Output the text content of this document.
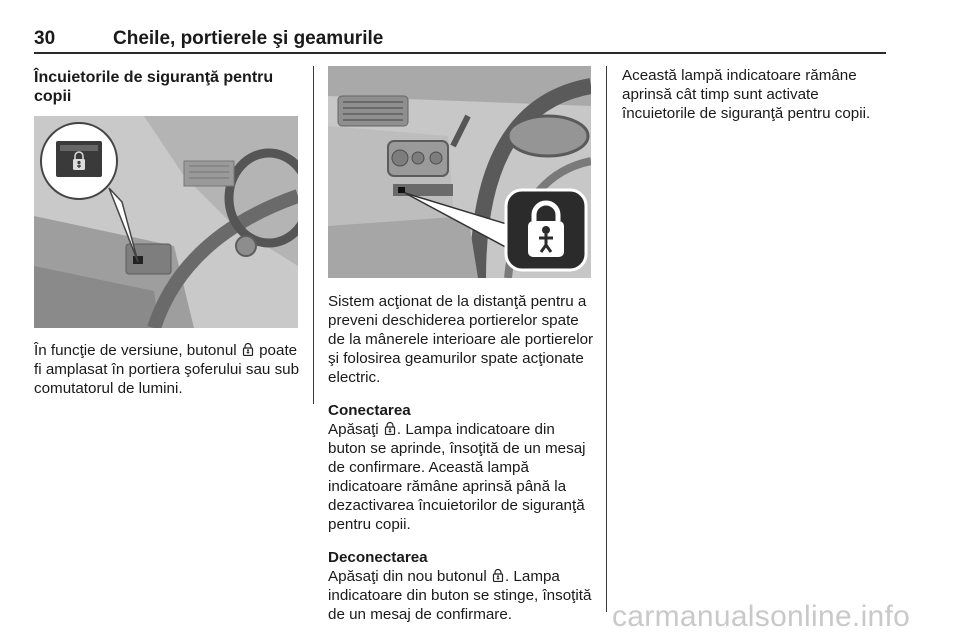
30	Cheile, portierele şi geamurile
Încuietorile de siguranţă pentru copii

În funcţie de versiune, butonul poate fi amplasat în portiera şoferului sau sub comutatorul de lumini.

Sistem acţionat de la distanţă pentru a preveni deschiderea portierelor spate de la mânerele interioare ale portierelor şi folosirea geamurilor spate acţionate electric.

Conectarea

Apăsaţi . Lampa indicatoare din buton se aprinde, însoţită de un mesaj de confirmare. Această lampă indicatoare rămâne aprinsă până la dezactivarea încuietorilor de siguranţă pentru copii.

Deconectarea

Apăsaţi din nou butonul . Lampa indicatoare din buton se stinge, însoţită de un mesaj de confirmare.

Această lampă indicatoare rămâne aprinsă cât timp sunt activate încuietorile de siguranţă pentru copii.

carmanualsonline.info
